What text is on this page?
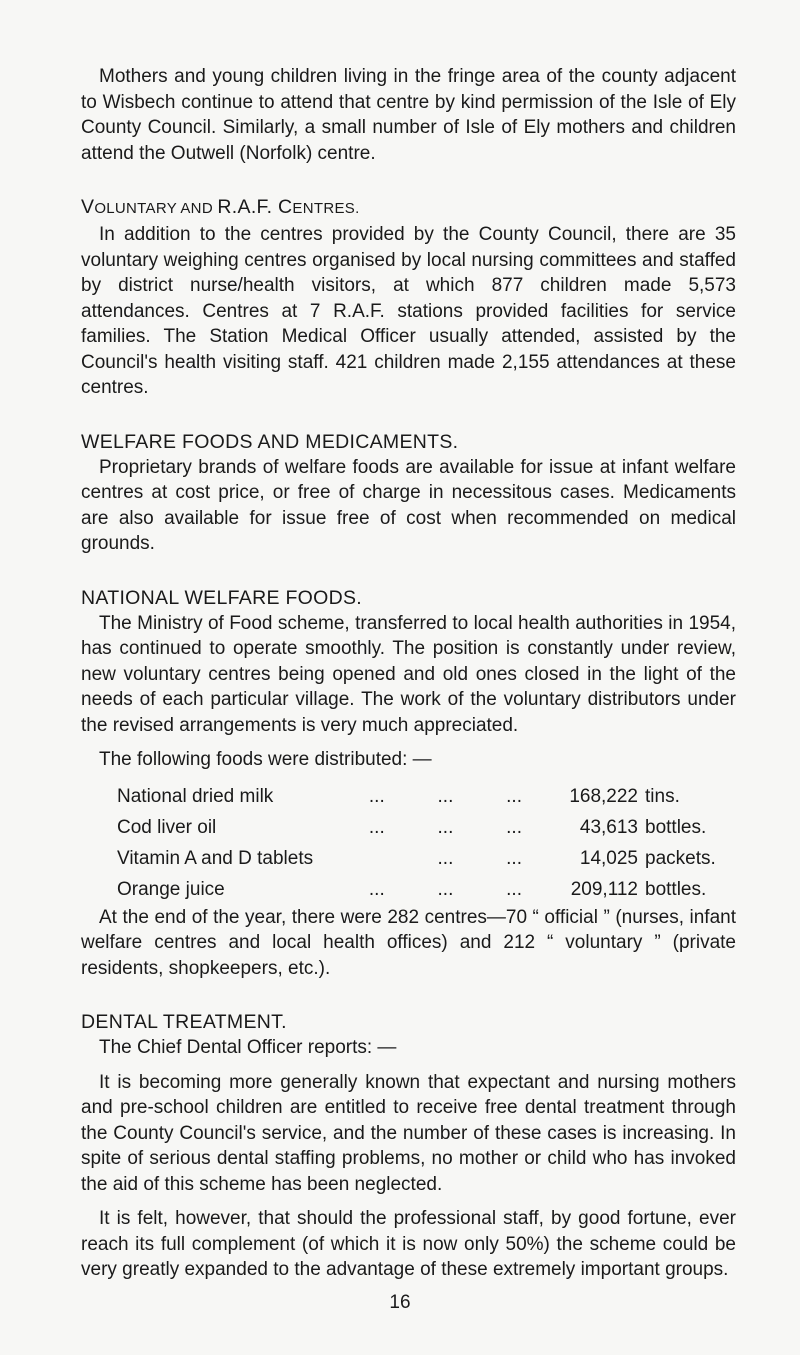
Mothers and young children living in the fringe area of the county adjacent to Wisbech continue to attend that centre by kind permission of the Isle of Ely County Council. Similarly, a small number of Isle of Ely mothers and children attend the Outwell (Norfolk) centre.

VOLUNTARY AND R.A.F. CENTRES.

In addition to the centres provided by the County Council, there are 35 voluntary weighing centres organised by local nursing committees and staffed by district nurse/health visitors, at which 877 children made 5,573 attendances. Centres at 7 R.A.F. stations provided facilities for service families. The Station Medical Officer usually attended, assisted by the Council's health visiting staff. 421 children made 2,155 attendances at these centres.

WELFARE FOODS AND MEDICAMENTS.

Proprietary brands of welfare foods are available for issue at infant welfare centres at cost price, or free of charge in necessitous cases. Medicaments are also available for issue free of cost when recommended on medical grounds.

NATIONAL WELFARE FOODS.

The Ministry of Food scheme, transferred to local health authorities in 1954, has continued to operate smoothly. The position is constantly under review, new voluntary centres being opened and old ones closed in the light of the needs of each particular village. The work of the voluntary distributors under the revised arrangements is very much appreciated.

The following foods were distributed: —

National dried milk	...          ...          ...	168,222 tins.
Cod liver oil	...          ...          ...	43,613 bottles.
Vitamin A and D tablets	...          ...	14,025 packets.
Orange juice	...          ...          ...	209,112 bottles.

At the end of the year, there were 282 centres—70 “ official ” (nurses, infant welfare centres and local health offices) and 212 “ voluntary ” (private residents, shopkeepers, etc.).

DENTAL TREATMENT.

The Chief Dental Officer reports: —

It is becoming more generally known that expectant and nursing mothers and pre-school children are entitled to receive free dental treatment through the County Council's service, and the number of these cases is increasing. In spite of serious dental staffing problems, no mother or child who has invoked the aid of this scheme has been neglected.

It is felt, however, that should the professional staff, by good fortune, ever reach its full complement (of which it is now only 50%) the scheme could be very greatly expanded to the advantage of these extremely important groups.

16
